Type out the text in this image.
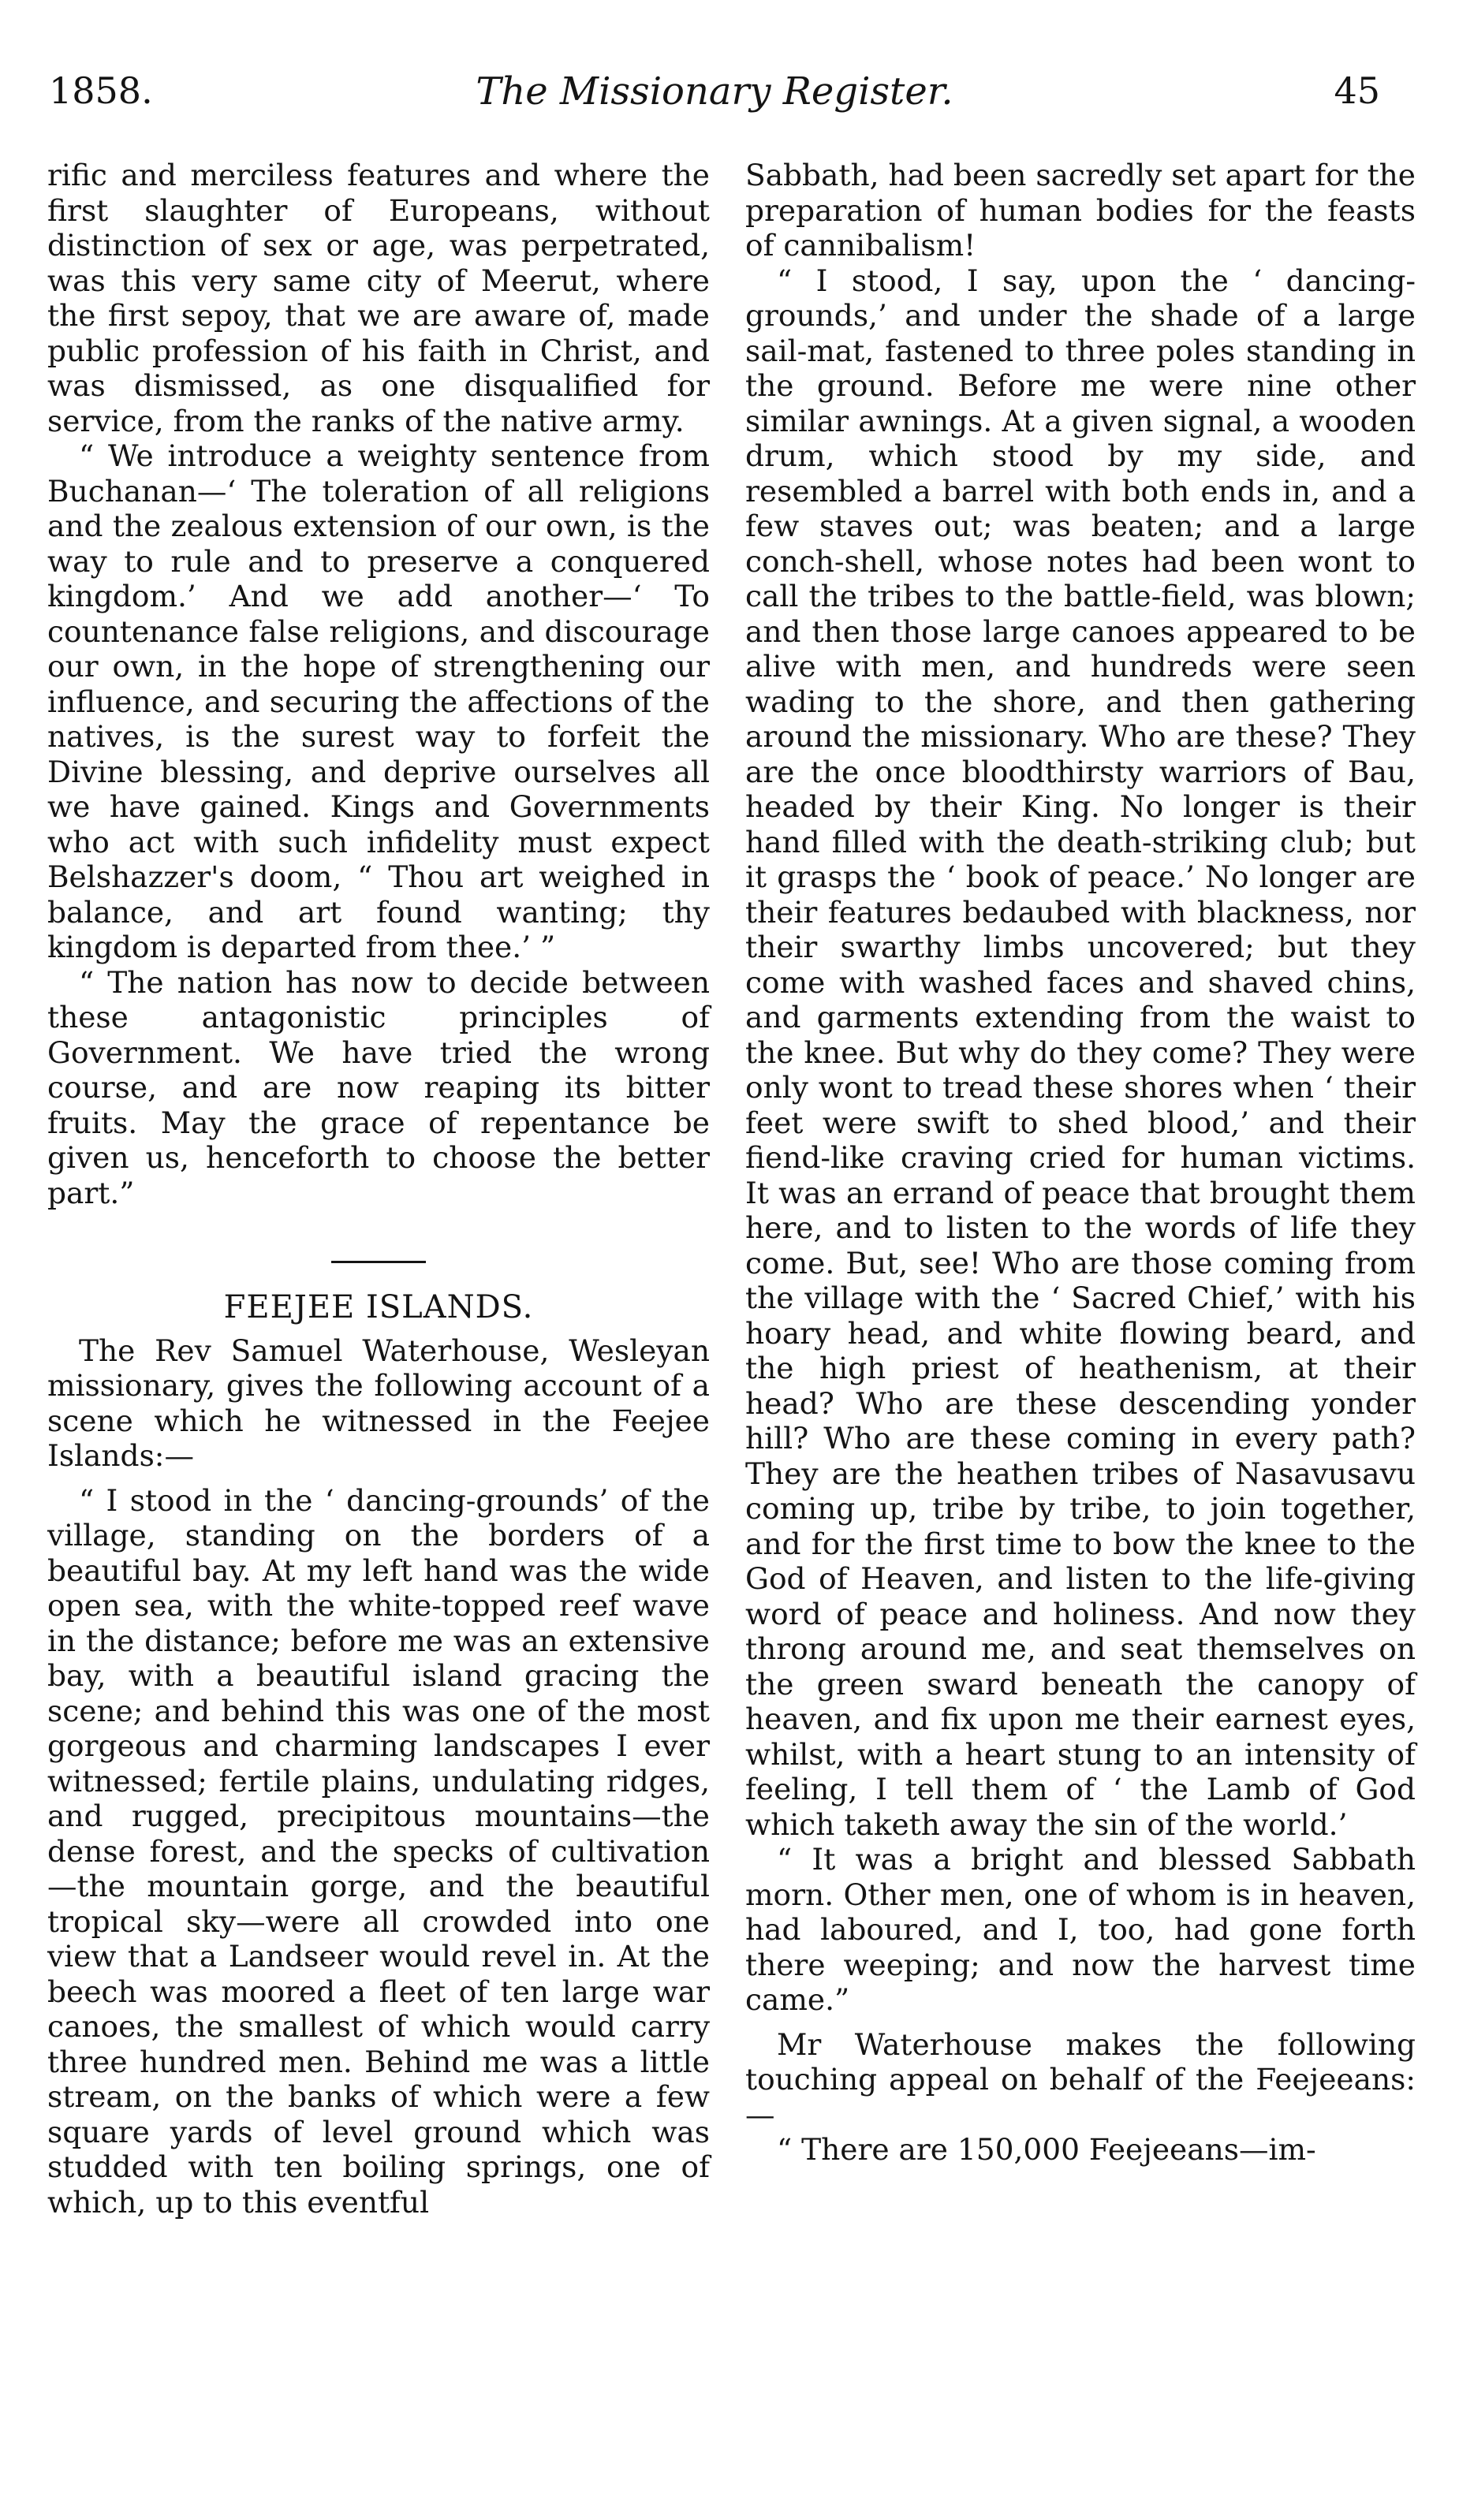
1858.	The Missionary Register.	45

rific and merciless features and where the first slaughter of Europeans, without distinction of sex or age, was perpetrated, was this very same city of Meerut, where the first sepoy, that we are aware of, made public profession of his faith in Christ, and was dismissed, as one disqualified for service, from the ranks of the native army.

“ We introduce a weighty sentence from Buchanan—‘ The toleration of all religions and the zealous extension of our own, is the way to rule and to preserve a conquered kingdom.’ And we add another—‘ To countenance false religions, and discourage our own, in the hope of strengthening our influence, and securing the affections of the natives, is the surest way to forfeit the Divine blessing, and deprive ourselves all we have gained. Kings and Governments who act with such infidelity must expect Belshazzer's doom, “ Thou art weighed in balance, and art found wanting; thy kingdom is departed from thee.’ ”

“ The nation has now to decide between these antagonistic principles of Government. We have tried the wrong course, and are now reaping its bitter fruits. May the grace of repentance be given us, henceforth to choose the better part.”

FEEJEE ISLANDS.

The Rev Samuel Waterhouse, Wesleyan missionary, gives the following account of a scene which he witnessed in the Feejee Islands:—

“ I stood in the ‘ dancing-grounds’ of the village, standing on the borders of a beautiful bay. At my left hand was the wide open sea, with the white-topped reef wave in the distance; before me was an extensive bay, with a beautiful island gracing the scene; and behind this was one of the most gorgeous and charming landscapes I ever witnessed; fertile plains, undulating ridges, and rugged, precipitous mountains—the dense forest, and the specks of cultivation—the mountain gorge, and the beautiful tropical sky—were all crowded into one view that a Landseer would revel in. At the beech was moored a fleet of ten large war canoes, the smallest of which would carry three hundred men. Behind me was a little stream, on the banks of which were a few square yards of level ground which was studded with ten boiling springs, one of which, up to this eventful

Sabbath, had been sacredly set apart for the preparation of human bodies for the feasts of cannibalism!

“ I stood, I say, upon the ‘ dancing-grounds,’ and under the shade of a large sail-mat, fastened to three poles standing in the ground. Before me were nine other similar awnings. At a given signal, a wooden drum, which stood by my side, and resembled a barrel with both ends in, and a few staves out; was beaten; and a large conch-shell, whose notes had been wont to call the tribes to the battle-field, was blown; and then those large canoes appeared to be alive with men, and hundreds were seen wading to the shore, and then gathering around the missionary. Who are these? They are the once bloodthirsty warriors of Bau, headed by their King. No longer is their hand filled with the death-striking club; but it grasps the ‘ book of peace.’ No longer are their features bedaubed with blackness, nor their swarthy limbs uncovered; but they come with washed faces and shaved chins, and garments extending from the waist to the knee. But why do they come? They were only wont to tread these shores when ‘ their feet were swift to shed blood,’ and their fiend-like craving cried for human victims. It was an errand of peace that brought them here, and to listen to the words of life they come. But, see! Who are those coming from the village with the ‘ Sacred Chief,’ with his hoary head, and white flowing beard, and the high priest of heathenism, at their head? Who are these descending yonder hill? Who are these coming in every path? They are the heathen tribes of Nasavusavu coming up, tribe by tribe, to join together, and for the first time to bow the knee to the God of Heaven, and listen to the life-giving word of peace and holiness. And now they throng around me, and seat themselves on the green sward beneath the canopy of heaven, and fix upon me their earnest eyes, whilst, with a heart stung to an intensity of feeling, I tell them of ‘ the Lamb of God which taketh away the sin of the world.’

“ It was a bright and blessed Sabbath morn. Other men, one of whom is in heaven, had laboured, and I, too, had gone forth there weeping; and now the harvest time came.”

Mr Waterhouse makes the following touching appeal on behalf of the Feejeeans:—

“ There are 150,000 Feejeeans—im-
